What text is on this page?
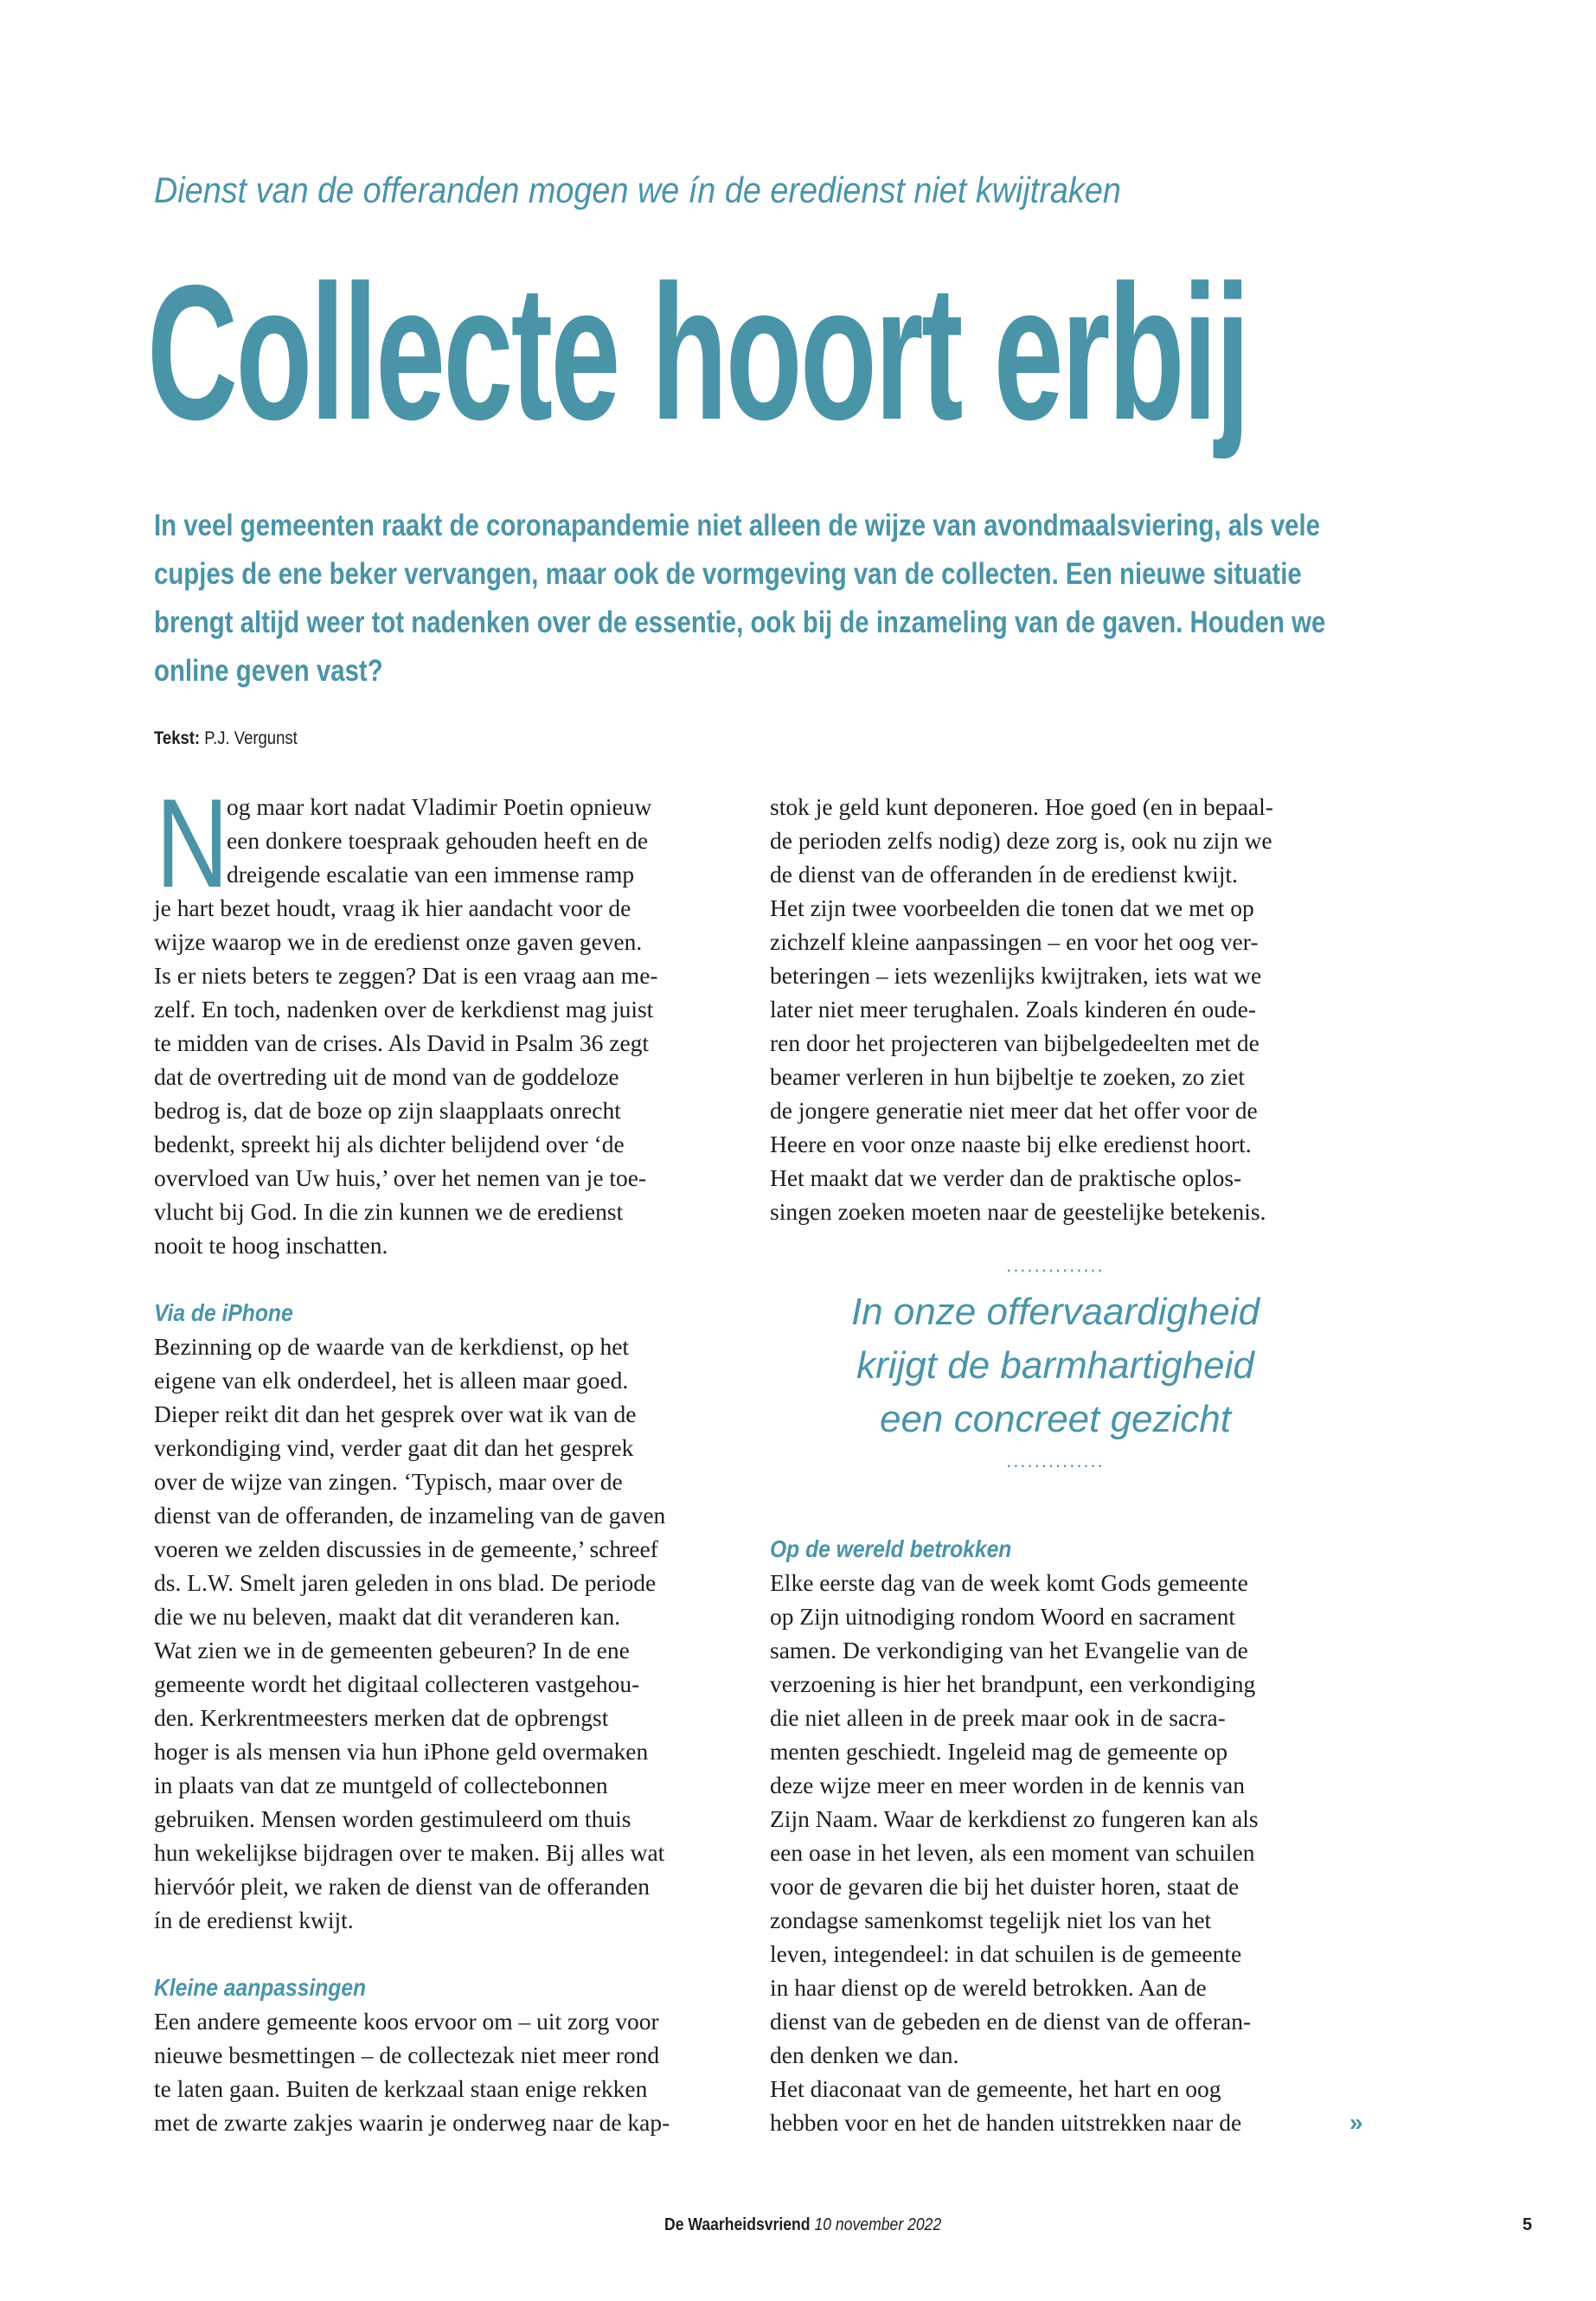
Dienst van de offeranden mogen we ín de eredienst niet kwijtraken
Collecte hoort erbij
In veel gemeenten raakt de coronapandemie niet alleen de wijze van avondmaalsviering, als vele
cupjes de ene beker vervangen, maar ook de vormgeving van de collecten. Een nieuwe situatie
brengt altijd weer tot nadenken over de essentie, ook bij de inzameling van de gaven. Houden we
online geven vast?
Tekst: P.J. Vergunst
N
og maar kort nadat Vladimir Poetin opnieuw
een donkere toespraak gehouden heeft en de
dreigende escalatie van een immense ramp
je hart bezet houdt, vraag ik hier aandacht voor de
wijze waarop we in de eredienst onze gaven geven.
Is er niets beters te zeggen? Dat is een vraag aan me-
zelf. En toch, nadenken over de kerkdienst mag juist
te midden van de crises. Als David in Psalm 36 zegt
dat de overtreding uit de mond van de goddeloze
bedrog is, dat de boze op zijn slaapplaats onrecht
bedenkt, spreekt hij als dichter belijdend over ‘de
overvloed van Uw huis,’ over het nemen van je toe-
vlucht bij God. In die zin kunnen we de eredienst
nooit te hoog inschatten.
Via de iPhone
Bezinning op de waarde van de kerkdienst, op het
eigene van elk onderdeel, het is alleen maar goed.
Dieper reikt dit dan het gesprek over wat ik van de
verkondiging vind, verder gaat dit dan het gesprek
over de wijze van zingen. ‘Typisch, maar over de
dienst van de offeranden, de inzameling van de gaven
voeren we zelden discussies in de gemeente,’ schreef
ds. L.W. Smelt jaren geleden in ons blad. De periode
die we nu beleven, maakt dat dit veranderen kan.
Wat zien we in de gemeenten gebeuren? In de ene
gemeente wordt het digitaal collecteren vastgehou-
den. Kerkrentmeesters merken dat de opbrengst
hoger is als mensen via hun iPhone geld overmaken
in plaats van dat ze muntgeld of collectebonnen
gebruiken. Mensen worden gestimuleerd om thuis
hun wekelijkse bijdragen over te maken. Bij alles wat
hiervóór pleit, we raken de dienst van de offeranden
ín de eredienst kwijt.
Kleine aanpassingen
Een andere gemeente koos ervoor om – uit zorg voor
nieuwe besmettingen – de collectezak niet meer rond
te laten gaan. Buiten de kerkzaal staan enige rekken
met de zwarte zakjes waarin je onderweg naar de kap-
stok je geld kunt deponeren. Hoe goed (en in bepaal-
de perioden zelfs nodig) deze zorg is, ook nu zijn we
de dienst van de offeranden ín de eredienst kwijt.
Het zijn twee voorbeelden die tonen dat we met op
zichzelf kleine aanpassingen – en voor het oog ver-
beteringen – iets wezenlijks kwijtraken, iets wat we
later niet meer terughalen. Zoals kinderen én oude-
ren door het projecteren van bijbelgedeelten met de
beamer verleren in hun bijbeltje te zoeken, zo ziet
de jongere generatie niet meer dat het offer voor de
Heere en voor onze naaste bij elke eredienst hoort.
Het maakt dat we verder dan de praktische oplos-
singen zoeken moeten naar de geestelijke betekenis.
..............
In onze offervaardigheid
krijgt de barmhartigheid
een concreet gezicht
..............
Op de wereld betrokken
Elke eerste dag van de week komt Gods gemeente
op Zijn uitnodiging rondom Woord en sacrament
samen. De verkondiging van het Evangelie van de
verzoening is hier het brandpunt, een verkondiging
die niet alleen in de preek maar ook in de sacra-
menten geschiedt. Ingeleid mag de gemeente op
deze wijze meer en meer worden in de kennis van
Zijn Naam. Waar de kerkdienst zo fungeren kan als
een oase in het leven, als een moment van schuilen
voor de gevaren die bij het duister horen, staat de
zondagse samenkomst tegelijk niet los van het
leven, integendeel: in dat schuilen is de gemeente
in haar dienst op de wereld betrokken. Aan de
dienst van de gebeden en de dienst van de offeran-
den denken we dan.
Het diaconaat van de gemeente, het hart en oog
hebben voor en het de handen uitstrekken naar de	»
De Waarheidsvriend 10 november 2022	5
